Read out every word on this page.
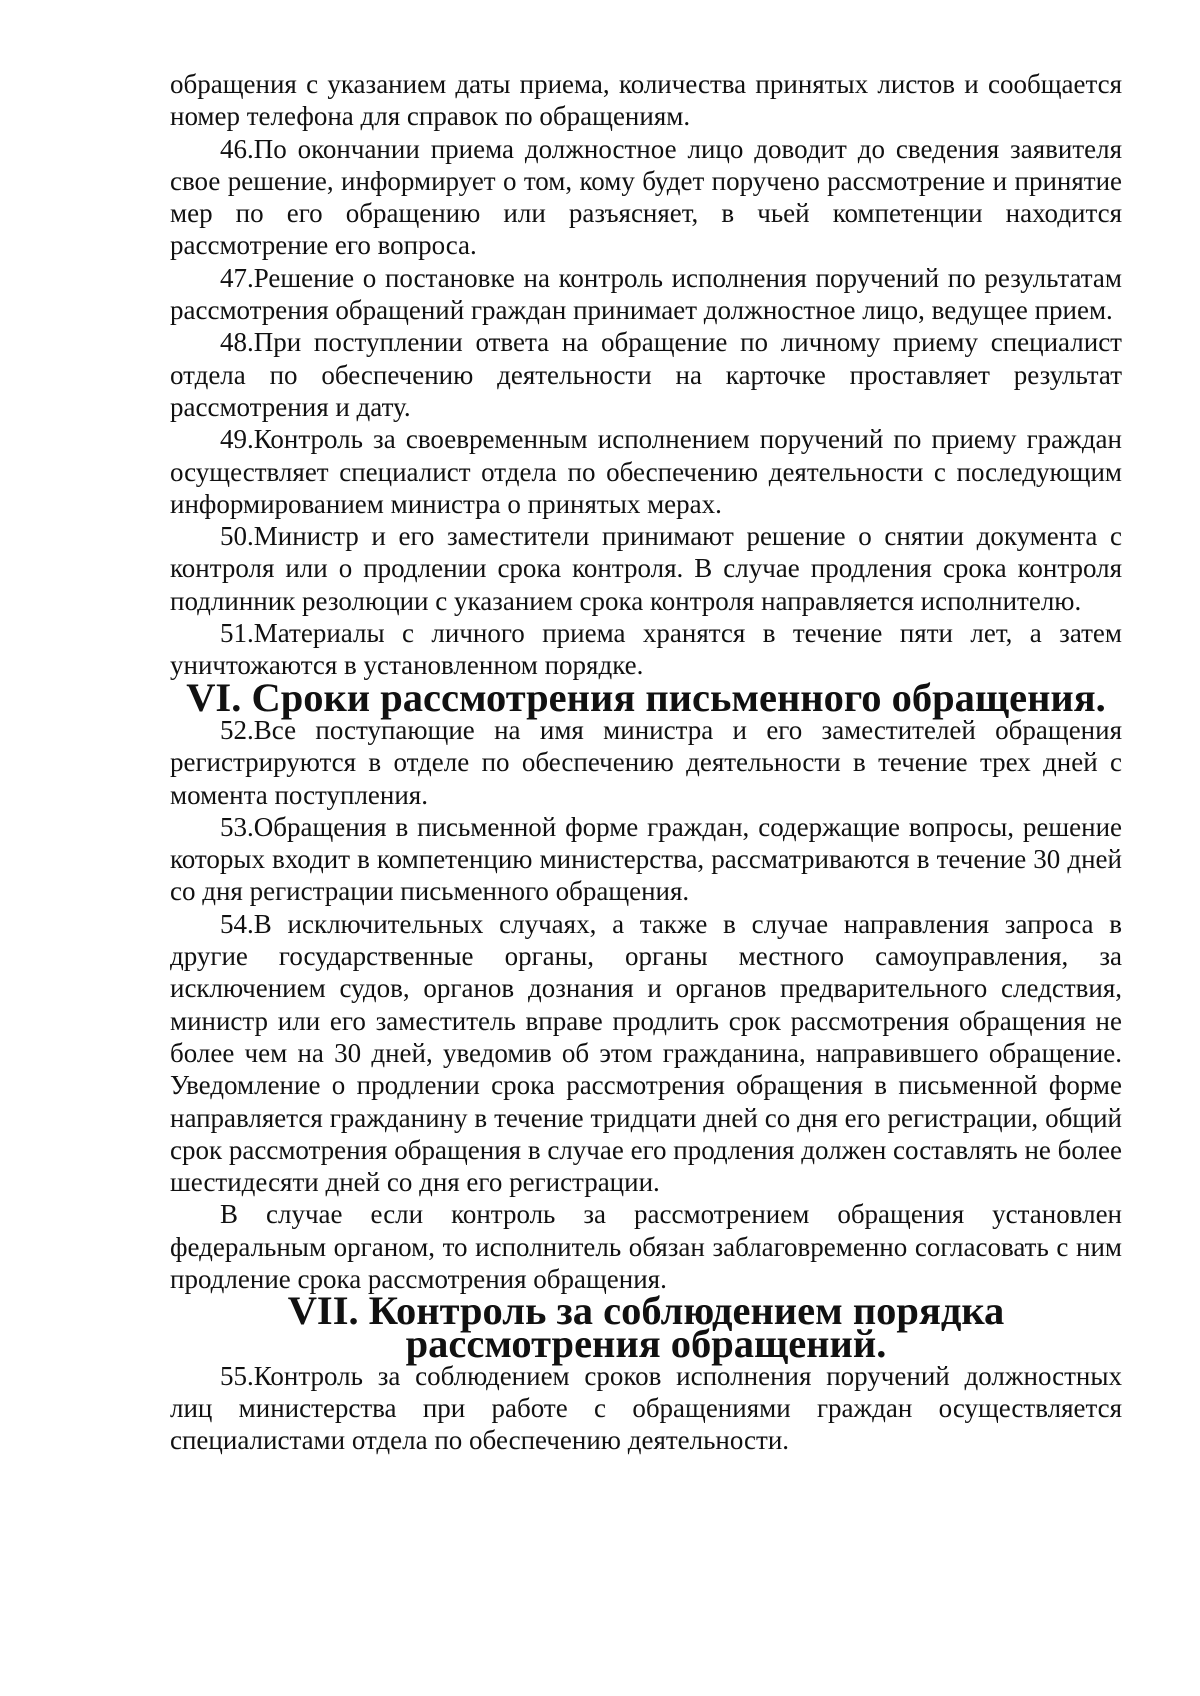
обращения с указанием даты приема, количества принятых листов и сообщается номер телефона для справок по обращениям.

46.По окончании приема должностное лицо доводит до сведения заявителя свое решение, информирует о том, кому будет поручено рассмотрение и принятие мер по его обращению или разъясняет, в чьей компетенции находится рассмотрение его вопроса.

47.Решение о постановке на контроль исполнения поручений по результатам рассмотрения обращений граждан принимает должностное лицо, ведущее прием.

48.При поступлении ответа на обращение по личному приему специалист отдела по обеспечению деятельности на карточке проставляет результат рассмотрения и дату.

49.Контроль за своевременным исполнением поручений по приему граждан осуществляет специалист отдела по обеспечению деятельности с последующим информированием министра о принятых мерах.

50.Министр и его заместители принимают решение о снятии документа с контроля или о продлении срока контроля. В случае продления срока контроля подлинник резолюции с указанием срока контроля направляется исполнителю.

51.Материалы с личного приема хранятся в течение пяти лет, а затем уничтожаются в установленном порядке.

VI. Сроки рассмотрения письменного обращения.

52.Все поступающие на имя министра и его заместителей обращения регистрируются в отделе по обеспечению деятельности в течение трех дней с момента поступления.

53.Обращения в письменной форме граждан, содержащие вопросы, решение которых входит в компетенцию министерства, рассматриваются в течение 30 дней со дня регистрации письменного обращения.

54.В исключительных случаях, а также в случае направления запроса в другие государственные органы, органы местного самоуправления, за исключением судов, органов дознания и органов предварительного следствия, министр или его заместитель вправе продлить срок рассмотрения обращения не более чем на 30 дней, уведомив об этом гражданина, направившего обращение. Уведомление о продлении срока рассмотрения обращения в письменной форме направляется гражданину в течение тридцати дней со дня его регистрации, общий срок рассмотрения обращения в случае его продления должен составлять не более шестидесяти дней со дня его регистрации.

В случае если контроль за рассмотрением обращения установлен федеральным органом, то исполнитель обязан заблаговременно согласовать с ним продление срока рассмотрения обращения.

VII. Контроль за соблюдением порядка рассмотрения обращений.

55.Контроль за соблюдением сроков исполнения поручений должностных лиц министерства при работе с обращениями граждан осуществляется специалистами отдела по обеспечению деятельности.
